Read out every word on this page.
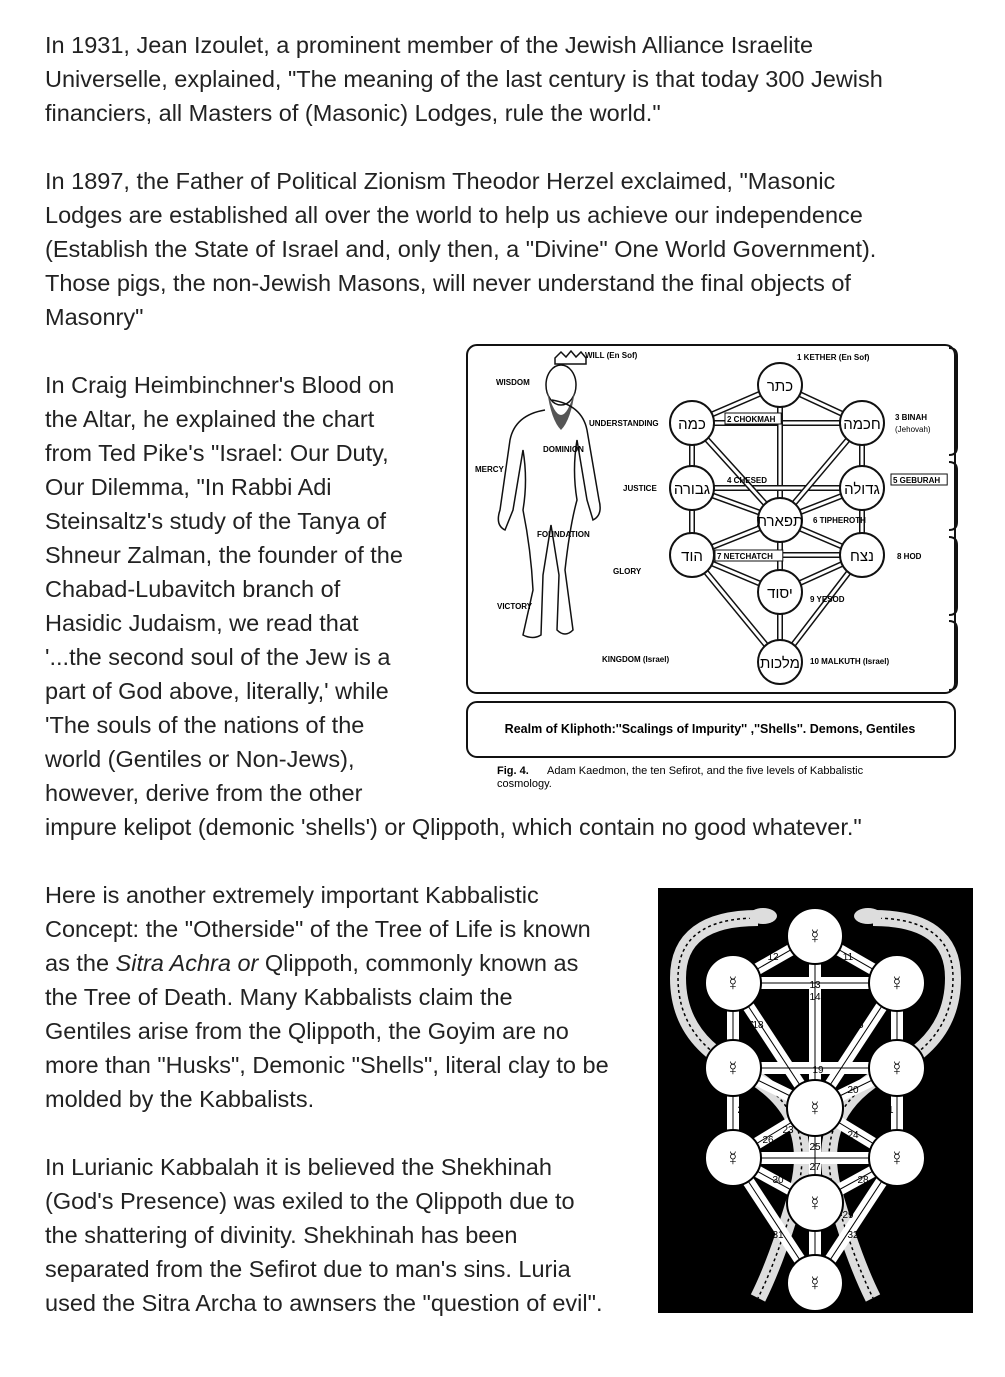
In 1931, Jean Izoulet, a prominent member of the Jewish Alliance Israelite
Universelle, explained, "The meaning of the last century is that today 300 Jewish
financiers, all Masters of (Masonic) Lodges, rule the world."
In 1897, the Father of Political Zionism Theodor Herzel exclaimed, "Masonic
Lodges are established all over the world to help us achieve our independence
(Establish the State of Israel and, only then, a "Divine" One World Government).
Those pigs, the non-Jewish Masons, will never understand the final objects of
Masonry"
In Craig Heimbinchner's Blood on
the Altar, he explained the chart
from Ted Pike's "Israel: Our Duty,
Our Dilemma, "In Rabbi Adi
Steinsaltz's study of the Tanya of
Shneur Zalman, the founder of the
Chabad-Lubavitch branch of
Hasidic Judaism, we read that
'...the second soul of the Jew is a
part of God above, literally,' while
'The souls of the nations of the
world (Gentiles or Non-Jews),
however, derive from the other
impure kelipot (demonic 'shells') or Qlippoth, which contain no good whatever."
Here is another extremely important Kabbalistic
Concept: the "Otherside" of the Tree of Life is known
as the Sitra Achra or Qlippoth, commonly known as
the Tree of Death. Many Kabbalists claim the
Gentiles arise from the Qlippoth, the Goyim are no
more than "Husks", Demonic "Shells", literal clay to be
molded by the Kabbalists.
In Lurianic Kabbalah it is believed the Shekhinah
(God's Presence) was exiled to the Qlippoth due to
the shattering of divinity. Shekhinah has been
separated from the Sefirot due to man's sins. Luria
used the Sitra Archa to awnsers the "question of evil".
WILL (En Sof)
WISDOM
UNDERSTANDING
DOMINION
MERCY
JUSTICE
FOUNDATION
GLORY
VICTORY
KINGDOM (Israel)
כתר
כמה	חכמה
גבורה	גדולה
תפארת
הוד	נצח
יסוד
מלכות
1 KETHER (En Sof)
2 CHOKMAH	3 BINAH
(Jehovah)
4 CHESED	5 GEBURAH
6 TIPHEROTH
7 NETCHATCH	8 HOD
9 YESOD
10 MALKUTH (Israel)
Realm of Kliphoth:''Scalings of Impurity'' ,''Shells''. Demons, Gentiles
Fig. 4. Adam Kaedmon, the ten Sefirot, and the five levels of Kabbalistic
cosmology.
☿
☿	☿
☿	☿
☿
☿	☿
☿
☿
11
12
13
14
15 16
17
18
19
20
21
22
23	24
25
26
27
28
29
30
31	32
